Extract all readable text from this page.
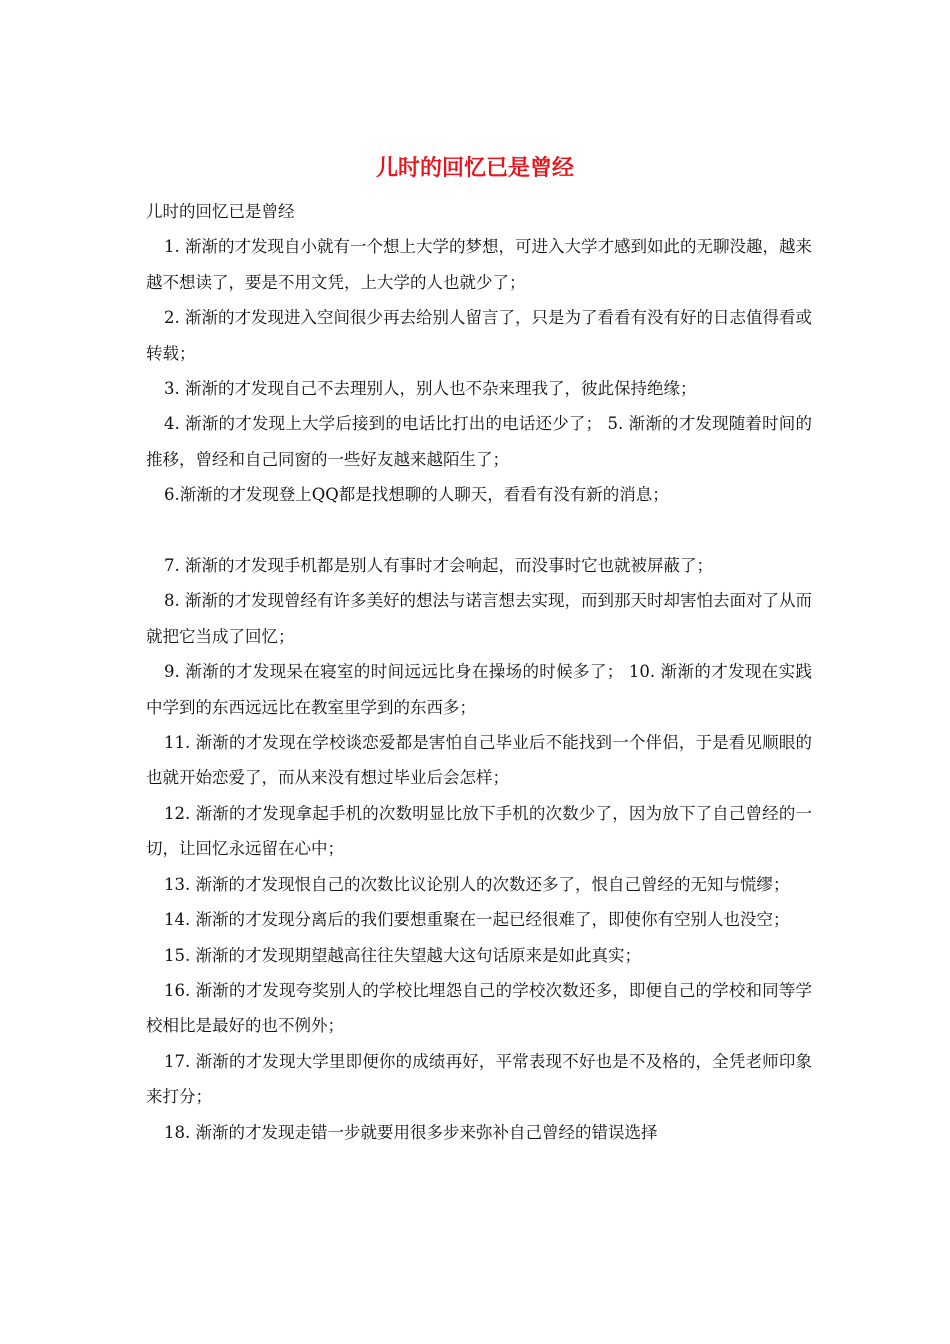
儿时的回忆已是曾经

儿时的回忆已是曾经

1. 渐渐的才发现自小就有一个想上大学的梦想，可进入大学才感到如此的无聊没趣，越来越不想读了，要是不用文凭，上大学的人也就少了；

2. 渐渐的才发现进入空间很少再去给别人留言了，只是为了看看有没有好的日志值得看或转载；

3. 渐渐的才发现自己不去理别人，别人也不杂来理我了，彼此保持绝缘；

4. 渐渐的才发现上大学后接到的电话比打出的电话还少了； 5. 渐渐的才发现随着时间的推移，曾经和自己同窗的一些好友越来越陌生了；

6.渐渐的才发现登上QQ都是找想聊的人聊天，看看有没有新的消息；

7. 渐渐的才发现手机都是别人有事时才会响起，而没事时它也就被屏蔽了；

8. 渐渐的才发现曾经有许多美好的想法与诺言想去实现，而到那天时却害怕去面对了从而就把它当成了回忆；

9. 渐渐的才发现呆在寝室的时间远远比身在操场的时候多了； 10. 渐渐的才发现在实践中学到的东西远远比在教室里学到的东西多；

11. 渐渐的才发现在学校谈恋爱都是害怕自己毕业后不能找到一个伴侣，于是看见顺眼的也就开始恋爱了，而从来没有想过毕业后会怎样；

12. 渐渐的才发现拿起手机的次数明显比放下手机的次数少了，因为放下了自己曾经的一切，让回忆永远留在心中；

13. 渐渐的才发现恨自己的次数比议论别人的次数还多了，恨自己曾经的无知与慌缪；

14. 渐渐的才发现分离后的我们要想重聚在一起已经很难了，即使你有空别人也没空；

15. 渐渐的才发现期望越高往往失望越大这句话原来是如此真实；

16. 渐渐的才发现夸奖别人的学校比埋怨自己的学校次数还多，即便自己的学校和同等学校相比是最好的也不例外；

17. 渐渐的才发现大学里即便你的成绩再好，平常表现不好也是不及格的，全凭老师印象来打分；

18. 渐渐的才发现走错一步就要用很多步来弥补自己曾经的错误选择
